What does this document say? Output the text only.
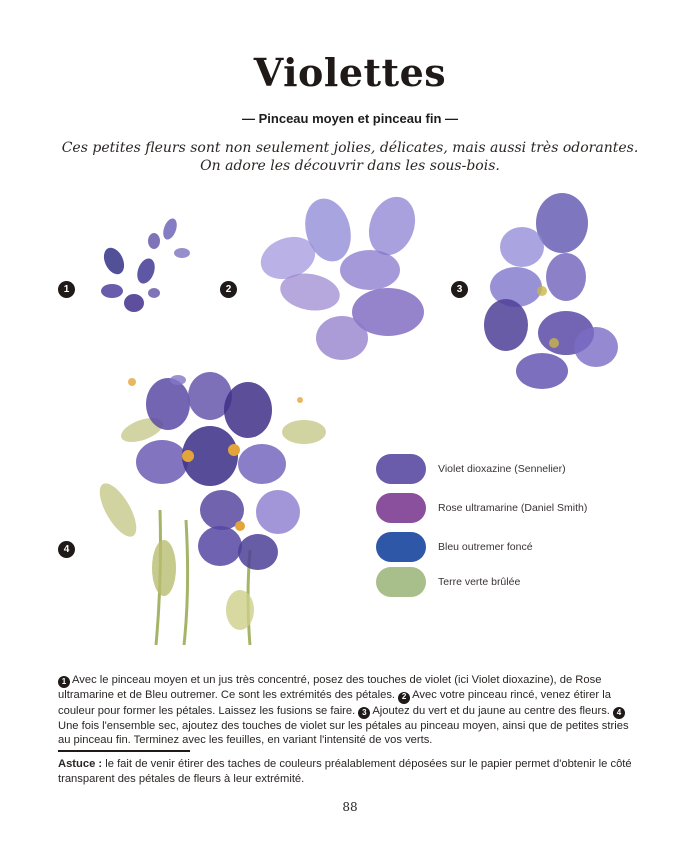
Violettes
— Pinceau moyen et pinceau fin —
Ces petites fleurs sont non seulement jolies, délicates, mais aussi très odorantes.
On adore les découvrir dans les sous-bois.
1	2	3
4
Violet dioxazine (Sennelier)
Rose ultramarine (Daniel Smith)
Bleu outremer foncé
Terre verte brûlée
1 Avec le pinceau moyen et un jus très concentré, posez des touches de violet (ici Violet dioxazine), de Rose ultramarine et de Bleu outremer. Ce sont les extrémités des pétales. 2 Avec votre pinceau rincé, venez étirer la couleur pour former les pétales. Laissez les fusions se faire. 3 Ajoutez du vert et du jaune au centre des fleurs. 4Une fois l'ensemble sec, ajoutez des touches de violet sur les pétales au pinceau moyen, ainsi que de petites stries au pinceau fin. Terminez avec les feuilles, en variant l'intensité de vos verts.
Astuce : le fait de venir étirer des taches de couleurs préalablement déposées sur le papier permet d'obtenir le côté transparent des pétales de fleurs à leur extrémité.
88
